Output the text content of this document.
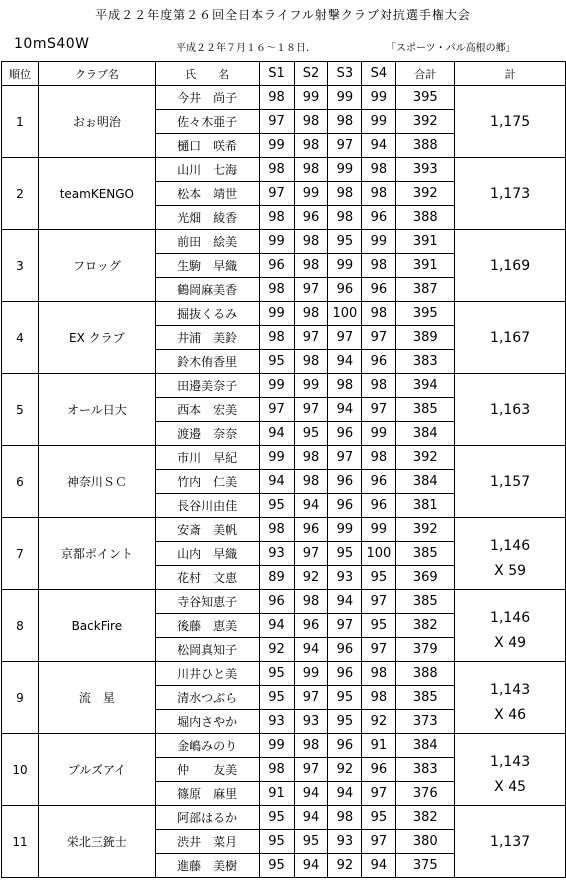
平成２２年度第２６回全日本ライフル射撃クラブ対抗選手権大会
10mS40W	平成２２年７月１６～１８日.	「スポーツ・パル高根の郷」
順位	クラブ名	氏　　名	S1	S2	S3	S4	合計	計
1	おぉ明治	今井　尚子	98	99	99	99	395	1,175
		佐々木亜子	97	98	98	99	392	
		樋口　咲希	99	98	97	94	388	
2	teamKENGO	山川　七海	98	98	99	98	393	1,173
		松本　靖世	97	99	98	98	392	
		光畑　綾香	98	96	98	96	388	
3	フロッグ	前田　絵美	99	98	95	99	391	1,169
		生駒　早織	96	98	99	98	391	
		鶴岡麻美香	98	97	96	96	387	
4	EX クラブ	掘抜くるみ	99	98	100	98	395	1,167
		井浦　美鈴	98	97	97	97	389	
		鈴木侑香里	95	98	94	96	383	
5	オール日大	田邉美奈子	99	99	98	98	394	1,163
		西本　宏美	97	97	94	97	385	
		渡邉　奈奈	94	95	96	99	384	
6	神奈川ＳＣ	市川　早紀	99	98	97	98	392	1,157
		竹内　仁美	94	98	96	96	384	
		長谷川由佳	95	94	96	96	381	
7	京都ポイント	安斎　美帆	98	96	99	99	392	1,146
X 59

		山内　早織	93	97	95	100	385	
		花村　文恵	89	92	93	95	369	
8	BackFire	寺谷知恵子	96	98	94	97	385	1,146
X 49

		後藤　恵美	94	96	97	95	382	
		松岡真知子	92	94	96	97	379	
9	流　星	川井ひと美	95	99	96	98	388	1,143
X 46

		清水つぶら	95	97	95	98	385	
		堀内さやか	93	93	95	92	373	
10	ブルズアイ	金嶋みのり	99	98	96	91	384	1,143
X 45

		仲　　友美	98	97	92	96	383	
		篠原　麻里	91	94	94	97	376	
11	栄北三銃士	阿部はるか	95	94	98	95	382	1,137
		渋井　菜月	95	95	93	97	380	
		進藤　美樹	95	94	92	94	375	
